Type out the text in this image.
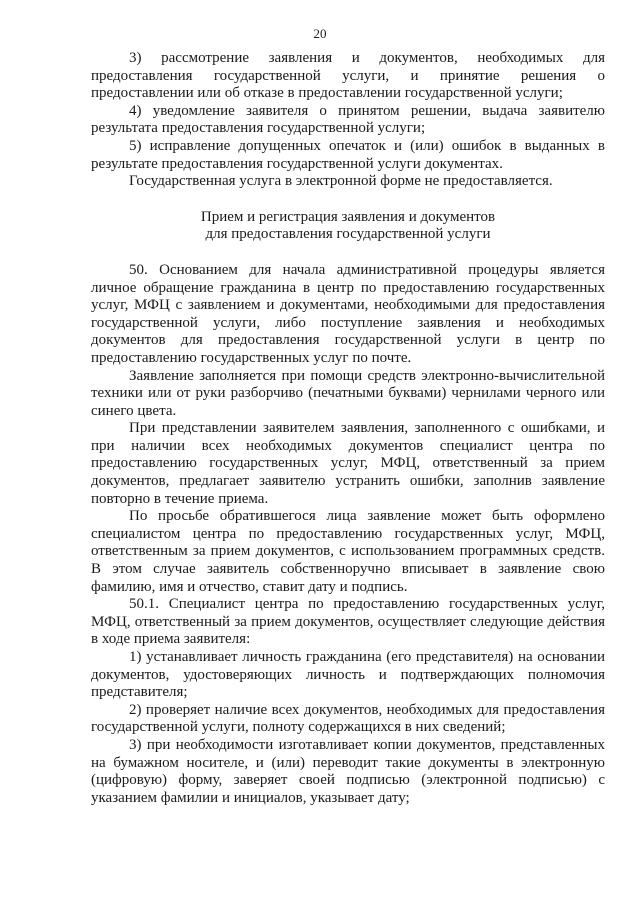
20

3) рассмотрение заявления и документов, необходимых для предоставления государственной услуги, и принятие решения о предоставлении или об отказе в предоставлении государственной услуги;

4) уведомление заявителя о принятом решении, выдача заявителю результата предоставления государственной услуги;

5) исправление допущенных опечаток и (или) ошибок в выданных в результате предоставления государственной услуги документах.

Государственная услуга в электронной форме не предоставляется.

Прием и регистрация заявления и документов

для предоставления государственной услуги

50. Основанием для начала административной процедуры является личное обращение гражданина в центр по предоставлению государственных услуг, МФЦ с заявлением и документами, необходимыми для предоставления государственной услуги, либо поступление заявления и необходимых документов для предоставления государственной услуги в центр по предоставлению государственных услуг по почте.

Заявление заполняется при помощи средств электронно-вычислительной техники или от руки разборчиво (печатными буквами) чернилами черного или синего цвета.

При представлении заявителем заявления, заполненного с ошибками, и при наличии всех необходимых документов специалист центра по предоставлению государственных услуг, МФЦ, ответственный за прием документов, предлагает заявителю устранить ошибки, заполнив заявление повторно в течение приема.

По просьбе обратившегося лица заявление может быть оформлено специалистом центра по предоставлению государственных услуг, МФЦ, ответственным за прием документов, с использованием программных средств. В этом случае заявитель собственноручно вписывает в заявление свою фамилию, имя и отчество, ставит дату и подпись.

50.1. Специалист центра по предоставлению государственных услуг, МФЦ, ответственный за прием документов, осуществляет следующие действия в ходе приема заявителя:

1) устанавливает личность гражданина (его представителя) на основании документов, удостоверяющих личность и подтверждающих полномочия представителя;

2) проверяет наличие всех документов, необходимых для предоставления государственной услуги, полноту содержащихся в них сведений;

3) при необходимости изготавливает копии документов, представленных на бумажном носителе, и (или) переводит такие документы в электронную (цифровую) форму, заверяет своей подписью (электронной подписью) с указанием фамилии и инициалов, указывает дату;
